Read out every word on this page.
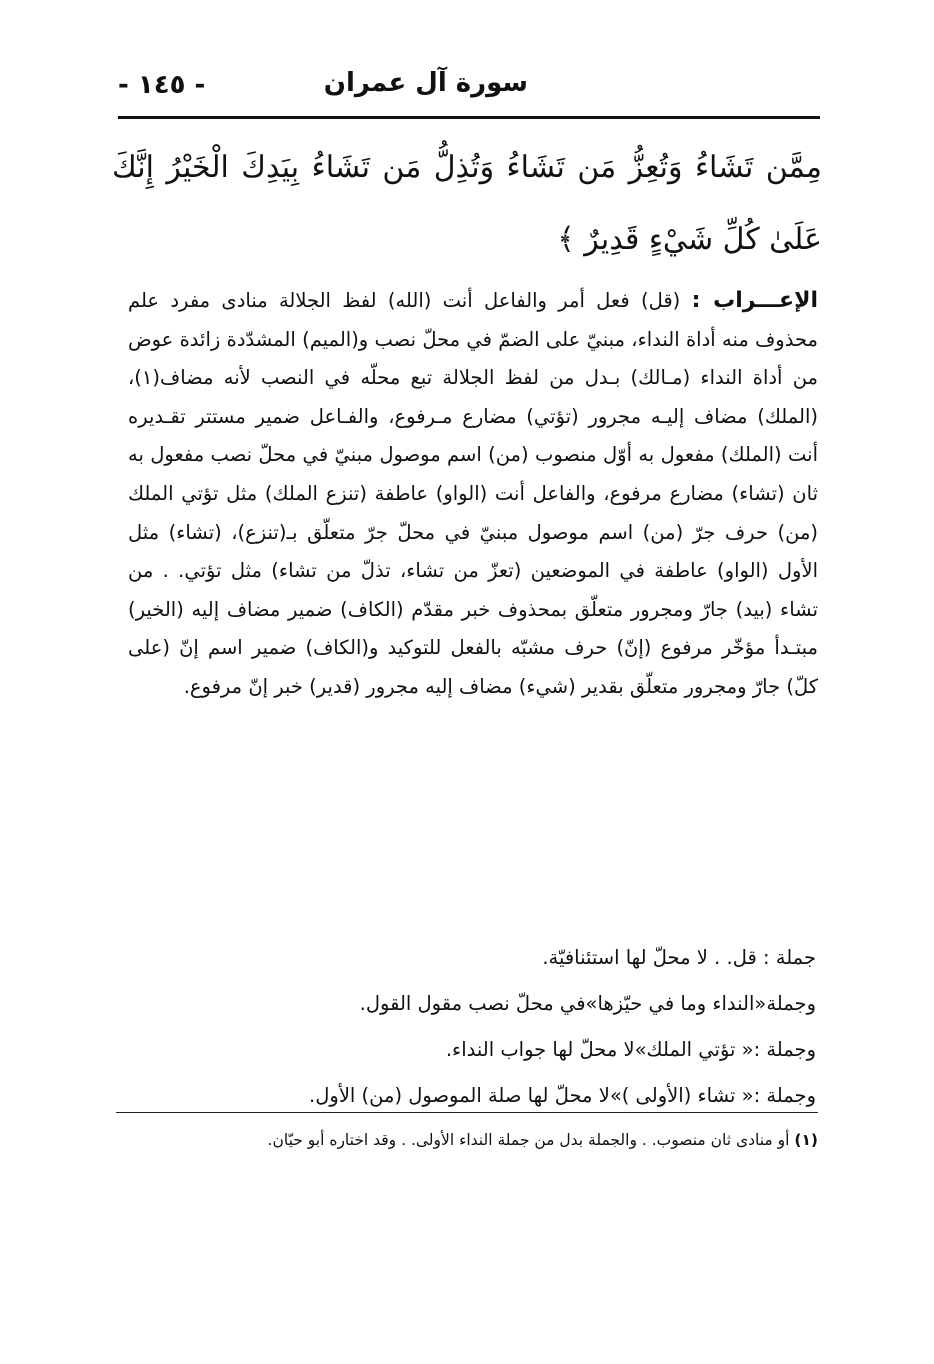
سورة آل عمران
- ١٤٥ -
مِمَّن تَشَاءُ وَتُعِزُّ مَن تَشَاءُ وَتُذِلُّ مَن تَشَاءُ بِيَدِكَ الْخَيْرُ إِنَّكَ عَلَىٰ كُلِّ شَيْءٍ قَدِيرٌ ﴾
الإعـــراب : (قل) فعل أمر والفاعل أنت (الله) لفظ الجلالة منادى مفرد علم محذوف منه أداة النداء، مبنيّ على الضمّ في محلّ نصب و(الميم) المشدّدة زائدة عوض من أداة النداء (مـالك) بـدل من لفظ الجلالة تبع محلّه في النصب لأنه مضاف(١)، (الملك) مضاف إليـه مجرور (تؤتي) مضارع مـرفوع، والفـاعل ضمير مستتر تقـديره أنت (الملك) مفعول به أوّل منصوب (من) اسم موصول مبنيّ في محلّ نصب مفعول به ثان (تشاء) مضارع مرفوع، والفاعل أنت (الواو) عاطفة (تنزع الملك) مثل تؤتي الملك (من) حرف جرّ (من) اسم موصول مبنيّ في محلّ جرّ متعلّق بـ(تنزع)، (تشاء) مثل الأول (الواو) عاطفة في الموضعين (تعزّ من تشاء، تذلّ من تشاء) مثل تؤتي. . من تشاء (بيد) جارّ ومجرور متعلّق بمحذوف خبر مقدّم (الكاف) ضمير مضاف إليه (الخير) مبتـدأ مؤخّر مرفوع (إنّ) حرف مشبّه بالفعل للتوكيد و(الكاف) ضمير اسم إنّ (على كلّ) جارّ ومجرور متعلّق بقدير (شيء) مضاف إليه مجرور (قدير) خبر إنّ مرفوع.
جملة : قل. . لا محلّ لها استئنافيّة.
وجملة«النداء وما في حيّزها»في محلّ نصب مقول القول.
وجملة :« تؤتي الملك»لا محلّ لها جواب النداء.
وجملة :« تشاء (الأولى )»لا محلّ لها صلة الموصول (من) الأول.
(١) أو منادى ثان منصوب. . والجملة بدل من جملة النداء الأولى. . وقد اختاره أبو حيّان.
